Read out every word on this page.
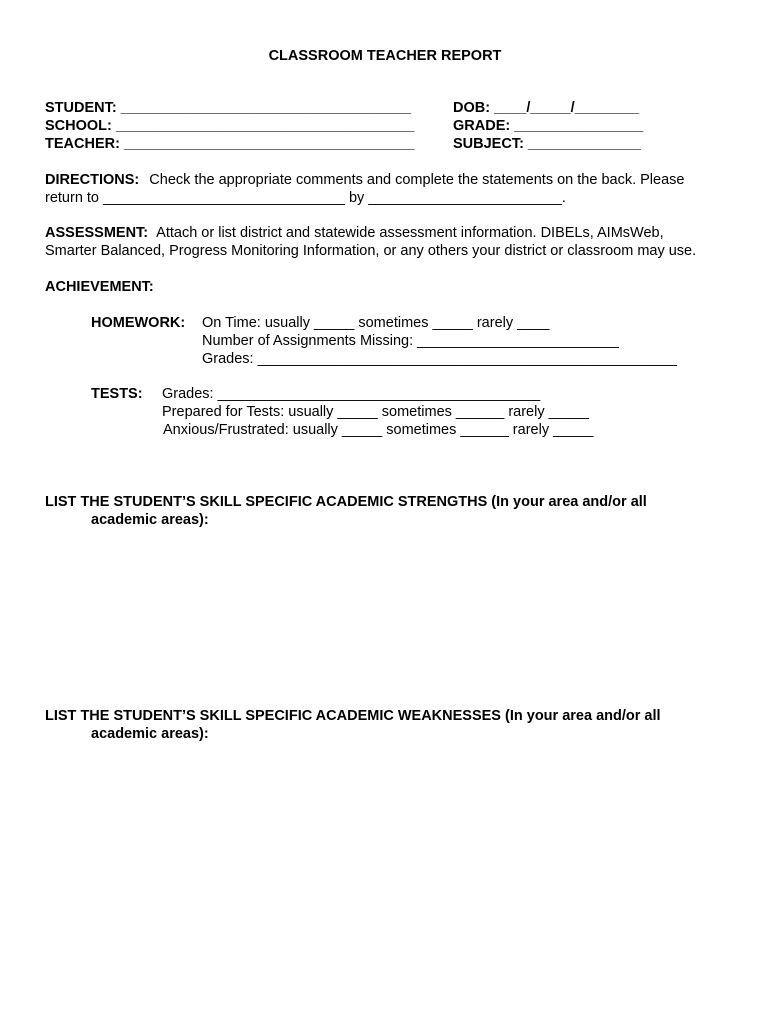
CLASSROOM TEACHER REPORT
STUDENT: ____________________________________
SCHOOL: _____________________________________
TEACHER: ____________________________________
DOB: ____/_____/________
GRADE: ________________
SUBJECT: ______________
DIRECTIONS: Check the appropriate comments and complete the statements on the back. Please
return to ______________________________ by ________________________.
ASSESSMENT: Attach or list district and statewide assessment information. DIBELs, AIMsWeb,
Smarter Balanced, Progress Monitoring Information, or any others your district or classroom may use.
ACHIEVEMENT:
HOMEWORK: On Time: usually _____ sometimes _____ rarely ____
Number of Assignments Missing: _________________________
Grades: ____________________________________________________
TESTS: Grades: ________________________________________
Prepared for Tests: usually _____ sometimes ______ rarely _____
Anxious/Frustrated: usually _____ sometimes ______ rarely _____
LIST THE STUDENT’S SKILL SPECIFIC ACADEMIC STRENGTHS (In your area and/or all
academic areas):
LIST THE STUDENT’S SKILL SPECIFIC ACADEMIC WEAKNESSES (In your area and/or all
academic areas):
